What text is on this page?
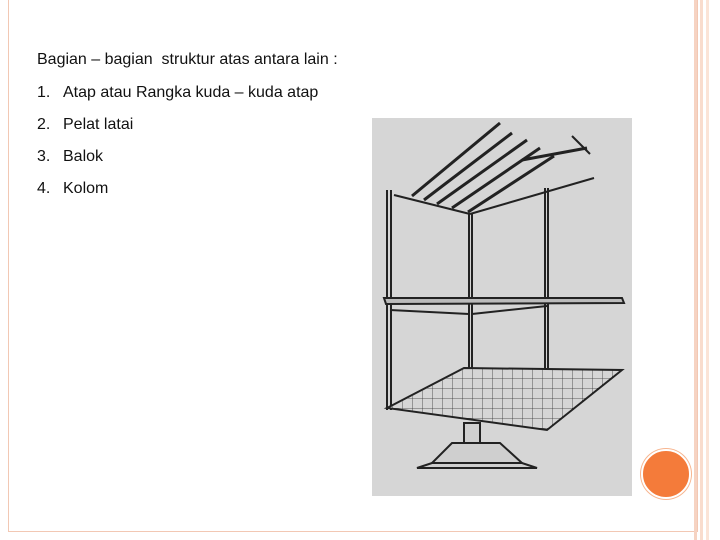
Bagian – bagian  struktur atas antara lain :
1. Atap atau Rangka kuda – kuda atap
2. Pelat latai
3. Balok
4. Kolom
